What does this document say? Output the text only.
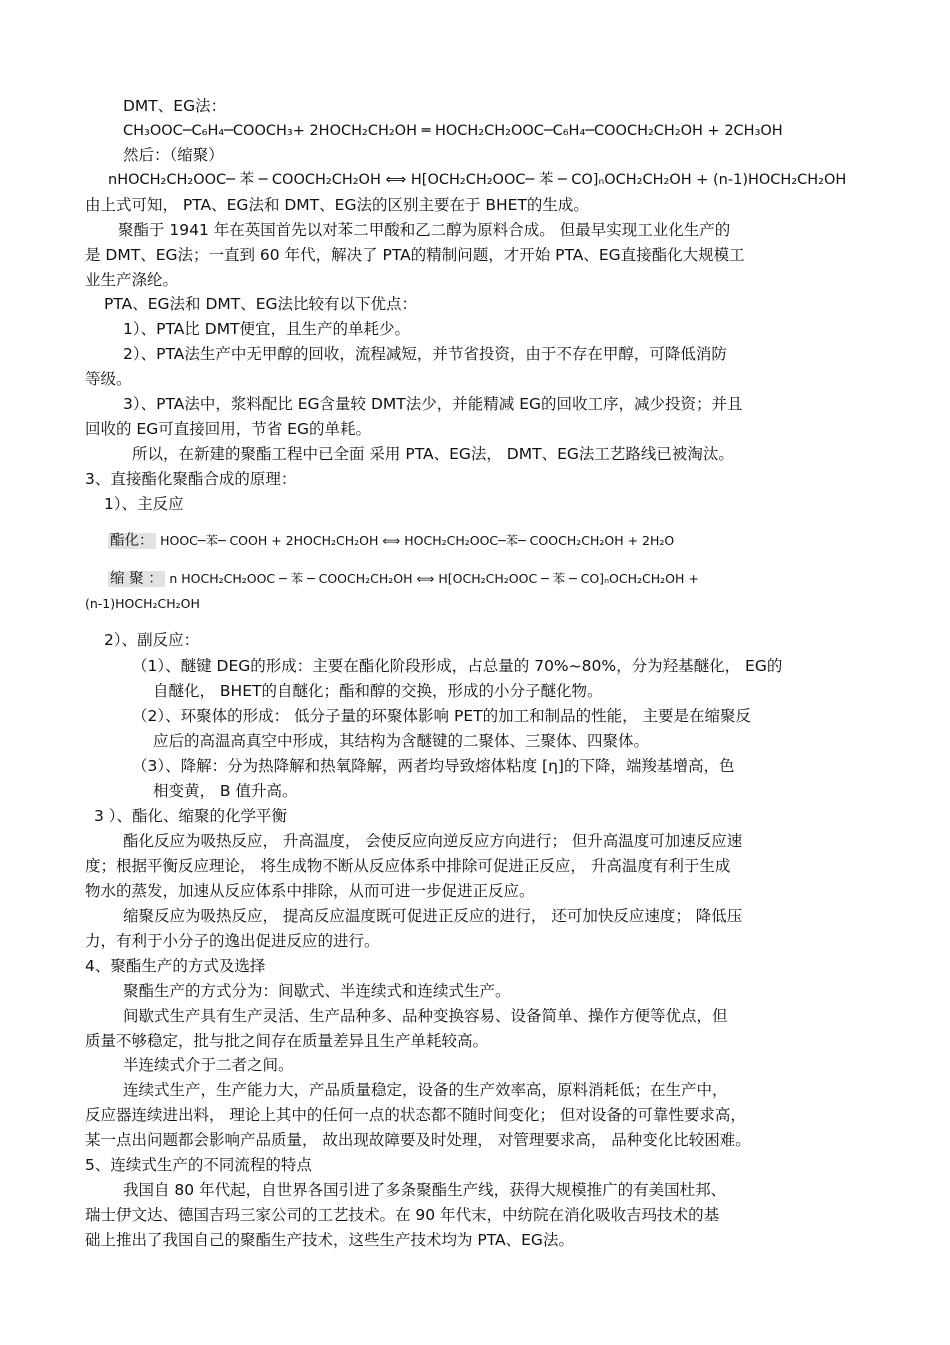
DMT、EG法：
CH₃OOC─C₆H₄─COOCH₃+ 2HOCH₂CH₂OH ═ HOCH₂CH₂OOC─C₆H₄─COOCH₂CH₂OH + 2CH₃OH
然后：（缩聚）
nHOCH₂CH₂OOC─ 苯 ─ COOCH₂CH₂OH ⟺ H[OCH₂CH₂OOC─ 苯 ─ CO]ₙOCH₂CH₂OH + (n-1)HOCH₂CH₂OH
由上式可知， PTA、EG法和 DMT、EG法的区别主要在于 BHET的生成。
聚酯于 1941 年在英国首先以对苯二甲酸和乙二醇为原料合成。 但最早实现工业化生产的
是 DMT、EG法；一直到 60 年代，解决了 PTA的精制问题，才开始 PTA、EG直接酯化大规模工
业生产涤纶。
PTA、EG法和 DMT、EG法比较有以下优点：
1）、PTA比 DMT便宜，且生产的单耗少。
2）、PTA法生产中无甲醇的回收，流程减短，并节省投资，由于不存在甲醇，可降低消防
等级。
3）、PTA法中，浆料配比 EG含量较 DMT法少，并能精减 EG的回收工序，减少投资；并且
回收的 EG可直接回用，节省 EG的单耗。
所以，在新建的聚酯工程中已全面 采用 PTA、EG法， DMT、EG法工艺路线已被淘汰。
3、直接酯化聚酯合成的原理：
1）、主反应
酯化： HOOC─苯─ COOH + 2HOCH₂CH₂OH ⟺ HOCH₂CH₂OOC─苯─ COOCH₂CH₂OH + 2H₂O
缩 聚 ： n HOCH₂CH₂OOC ─ 苯 ─ COOCH₂CH₂OH ⟺ H[OCH₂CH₂OOC ─ 苯 ─ CO]ₙOCH₂CH₂OH +
(n-1)HOCH₂CH₂OH
2）、副反应：
（1）、醚键 DEG的形成：主要在酯化阶段形成，占总量的 70%~80%，分为羟基醚化， EG的
自醚化， BHET的自醚化；酯和醇的交换，形成的小分子醚化物。
（2）、环聚体的形成： 低分子量的环聚体影响 PET的加工和制品的性能， 主要是在缩聚反
应后的高温高真空中形成，其结构为含醚键的二聚体、三聚体、四聚体。
（3）、降解：分为热降解和热氧降解，两者均导致熔体粘度 [η]的下降，端羧基增高，色
相变黄， B 值升高。
3 ）、酯化、缩聚的化学平衡
酯化反应为吸热反应， 升高温度， 会使反应向逆反应方向进行； 但升高温度可加速反应速
度；根据平衡反应理论， 将生成物不断从反应体系中排除可促进正反应， 升高温度有利于生成
物水的蒸发，加速从反应体系中排除，从而可进一步促进正反应。
缩聚反应为吸热反应， 提高反应温度既可促进正反应的进行， 还可加快反应速度； 降低压
力，有利于小分子的逸出促进反应的进行。
4、聚酯生产的方式及选择
聚酯生产的方式分为：间歇式、半连续式和连续式生产。
间歇式生产具有生产灵活、生产品种多、品种变换容易、设备简单、操作方便等优点，但
质量不够稳定，批与批之间存在质量差异且生产单耗较高。
半连续式介于二者之间。
连续式生产，生产能力大，产品质量稳定，设备的生产效率高，原料消耗低；在生产中，
反应器连续进出料， 理论上其中的任何一点的状态都不随时间变化； 但对设备的可靠性要求高，
某一点出问题都会影响产品质量， 故出现故障要及时处理， 对管理要求高， 品种变化比较困难。
5、连续式生产的不同流程的特点
我国自 80 年代起，自世界各国引进了多条聚酯生产线，获得大规模推广的有美国杜邦、
瑞士伊文达、德国吉玛三家公司的工艺技术。在 90 年代末，中纺院在消化吸收吉玛技术的基
础上推出了我国自己的聚酯生产技术，这些生产技术均为 PTA、EG法。
